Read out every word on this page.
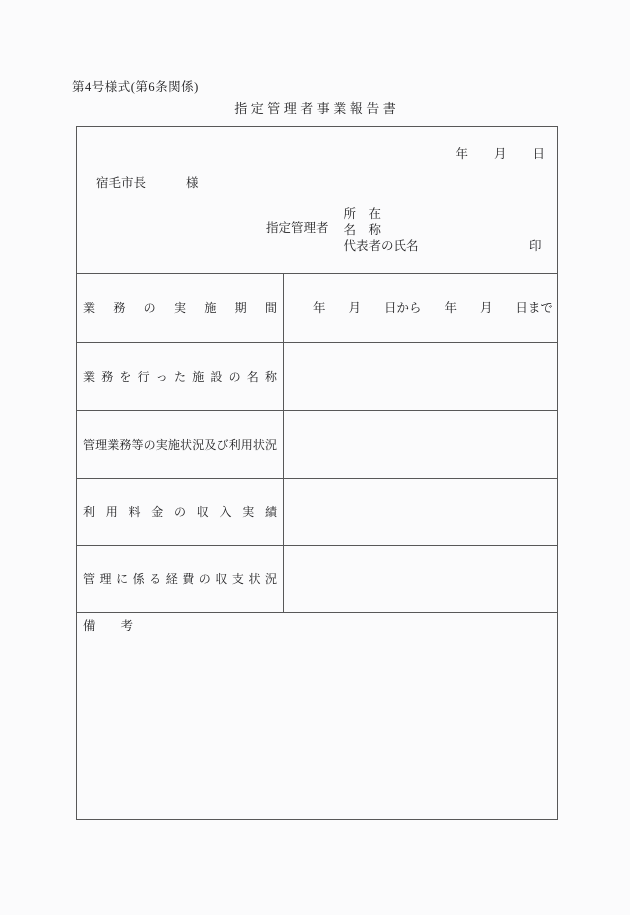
第4号様式(第6条関係)
指定管理者事業報告書
年 月 日
宿毛市長	様
指定管理者
所　在
名　称
代表者の氏名	印
業務の実施期間	年 月 日から 年 月 日まで
業務を行った施設の名称
管理業務等の実施状況及び利用状況
利用料金の収入実績
管理に係る経費の収支状況
備　　考
